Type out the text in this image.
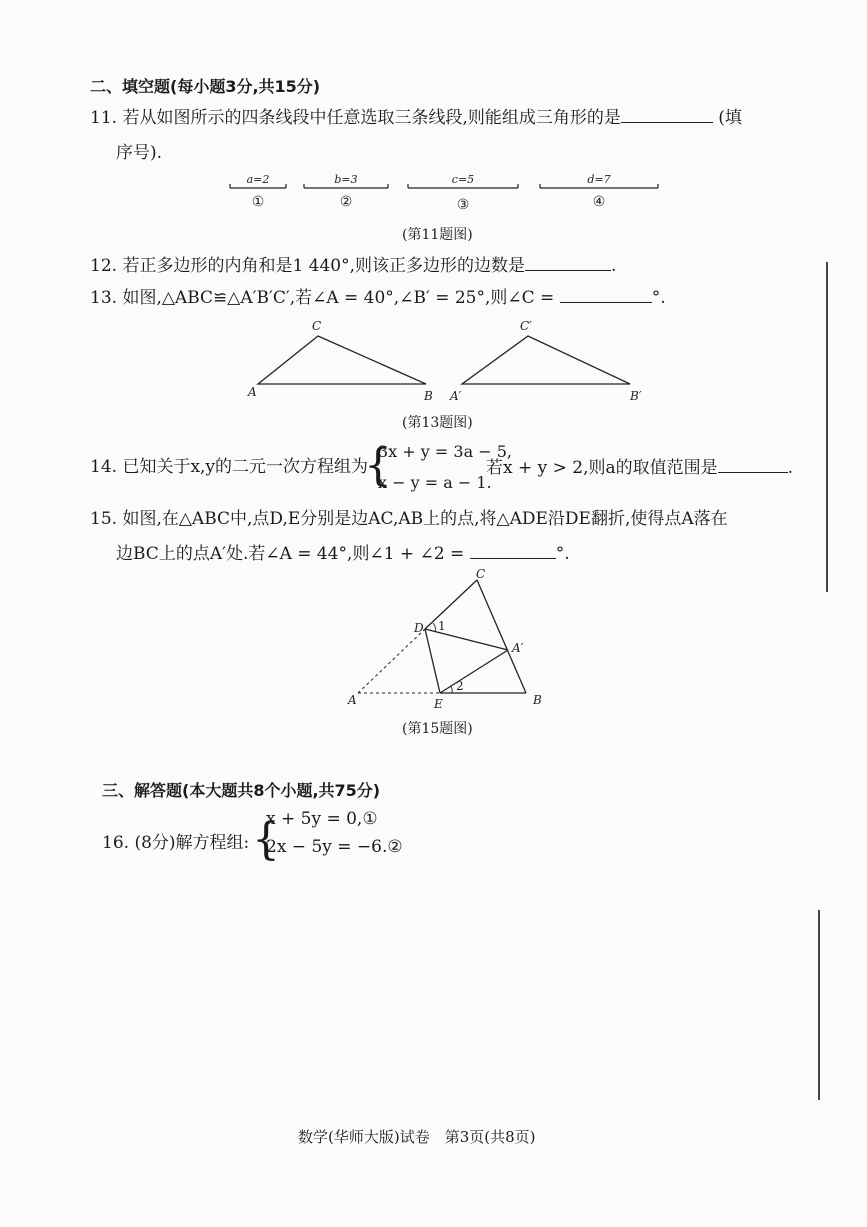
二、填空题(每小题3分,共15分)
11. 若从如图所示的四条线段中任意选取三条线段,则能组成三角形的是	(填
序号).
a=2	b=3	c=5	d=7
①	②	③	④
(第11题图)
12. 若正多边形的内角和是1 440°,则该正多边形的边数是	.
13. 如图,△ABC≌△A′B′C′,若∠A = 40°,∠B′ = 25°,则∠C =	°.
A	B
C
A′	B′
C′
(第13题图)
14. 已知关于x,y的二元一次方程组为
{
3x + y = 3a − 5,
x − y = a − 1.
若x + y > 2,则a的取值范围是	.
15. 如图,在△ABC中,点D,E分别是边AC,AB上的点,将△ADE沿DE翻折,使得点A落在
边BC上的点A′处.若∠A = 44°,则∠1 + ∠2 =	°.
C
D
A′
A	E	B
1
2
(第15题图)
三、解答题(本大题共8个小题,共75分)
16. (8分)解方程组: {
x + 5y = 0,①
2x − 5y = −6.②
数学(华师大版)试卷　第3页(共8页)
